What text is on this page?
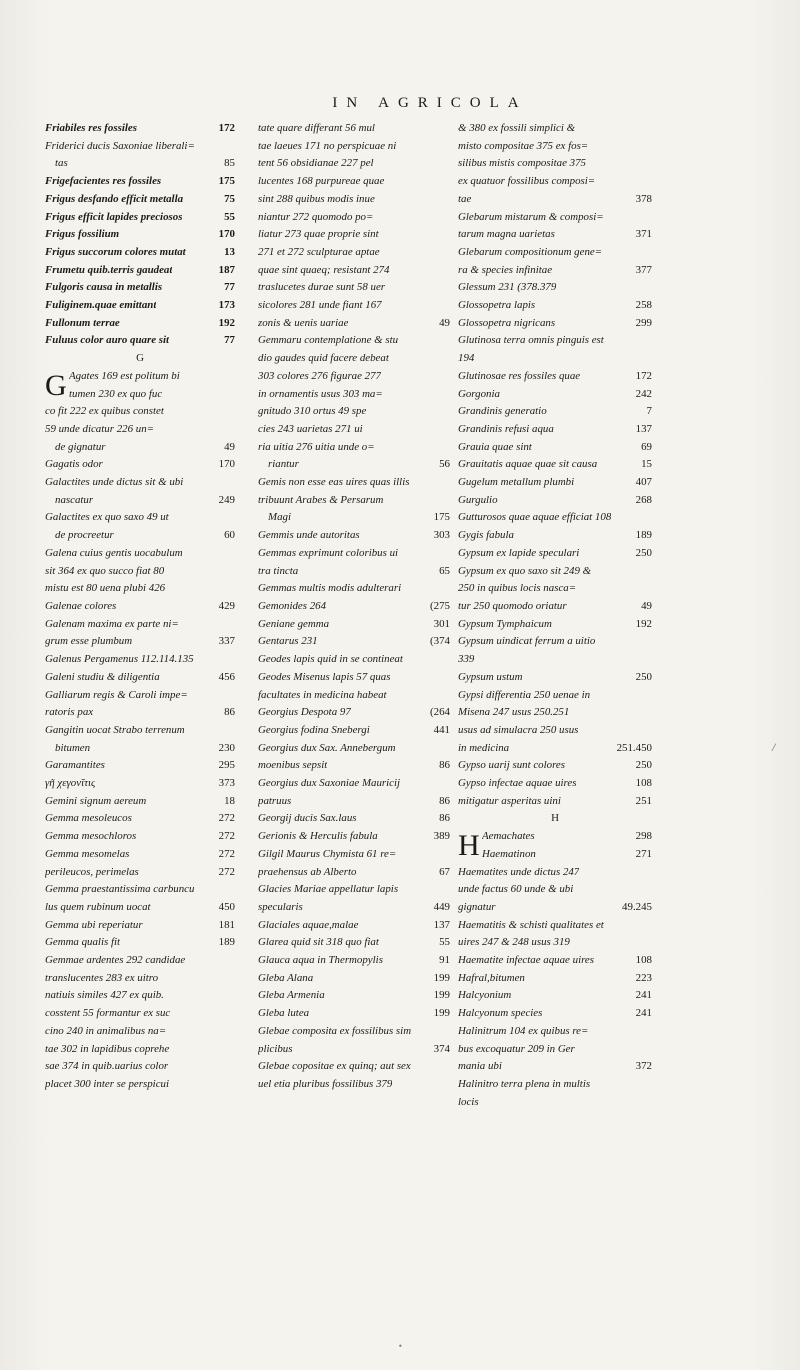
IN AGRICOLA
Friabiles res fossiles	172
Friderici ducis Saxoniae liberali=
tas	85
Frigefacientes res fossiles	175
Frigus desfando efficit metalla	75
Frigus efficit lapides preciosos	55
Frigus fossilium	170
Frigus succorum colores mutat	13
Frumetu quib.terris gaudeat	187
Fulgoris causa in metallis	77
Fuliginem.quae emittant	173
Fullonum terrae	192
Fuluus color auro quare sit	77
G
G Agates 169 est politum bi
tumen 230 ex quo fuc
co fit 222 ex quibus constet
59 unde dicatur 226 un=
de gignatur	49
Gagatis odor	170
Galactites unde dictus sit & ubi
nascatur	249
Galactites ex quo saxo 49 ut
de procreetur	60
Galena cuius gentis uocabulum
sit 364 ex quo succo fiat 80
mistu est 80 uena plubi 426
Galenae colores	429
Galenam maxima ex parte ni=
grum esse plumbum	337
Galenus Pergamenus 112.114.135
Galeni studiu & diligentia	456
Galliarum regis & Caroli impe=
ratoris pax	86
Gangitin uocat Strabo terrenum
bitumen	230
Garamantites	295
γῆ χεγονῖτις	373
Gemini signum aereum	18
Gemma mesoleucos	272
Gemma mesochloros	272
Gemma mesomelas	272
perileucos, perimelas	272
Gemma praestantissima carbuncu
lus quem rubinum uocat	450
Gemma ubi reperiatur	181
Gemma qualis fit	189
Gemmae ardentes 292 candidae
translucentes 283 ex uitro
natiuis similes 427 ex quib.
cosstent 55 formantur ex suc
cino 240 in animalibus na=
tae 302 in lapidibus coprehe
sae 374 in quib.uarius color
placet 300 inter se perspicui
tate quare differant 56 mul
tae laeues 171 no perspicuae ni
tent 56 obsidianae 227 pel
lucentes 168 purpureae quae
sint 288 quibus modis inue
niantur 272 quomodo po=
liatur 273 quae proprie sint
271 et 272 sculpturae aptae
quae sint quaeq; resistant 274
traslucetes durae sunt 58 uer
sicolores 281 unde fiant 167
zonis & uenis uariae	49
Gemmaru contemplatione & stu
dio gaudes quid facere debeat
303 colores 276 figurae 277
in ornamentis usus 303 ma=
gnitudo 310 ortus 49 spe
cies 243 uarietas 271 ui
ria uitia 276 uitia unde o=
riantur	56
Gemis non esse eas uires quas illis
tribuunt Arabes & Persarum
Magi	175
Gemmis unde autoritas	303
Gemmas exprimunt coloribus ui
tra tincta	65
Gemmas multis modis adulterari
Gemonides 264	(275
Geniane gemma	301
Gentarus 231	(374
Geodes lapis quid in se contineat
Geodes Misenus lapis 57 quas
facultates in medicina habeat
Georgius Despota 97	(264
Georgius fodina Snebergi	441
Georgius dux Sax. Annebergum
moenibus sepsit	86
Georgius dux Saxoniae Mauricij
patruus	86
Georgij ducis Sax.laus	86
Gerionis & Herculis fabula	389
Gilgil Maurus Chymista 61 re=
praehensus ab Alberto	67
Glacies Mariae appellatur lapis
specularis	449
Glaciales aquae,malae	137
Glarea quid sit 318 quo fiat	55
Glauca aqua in Thermopylis	91
Gleba Alana	199
Gleba Armenia	199
Gleba lutea	199
Glebae composita ex fossilibus sim
plicibus	374
Glebae copositae ex quinq; aut sex
uel etia pluribus fossilibus 379
& 380 ex fossili simplici &
misto compositae 375 ex fos=
silibus mistis compositae 375
ex quatuor fossilibus composi=
tae	378
Glebarum mistarum & composi=
tarum magna uarietas	371
Glebarum compositionum gene=
ra & species infinitae	377
Glessum 231 (378.379
Glossopetra lapis	258
Glossopetra nigricans	299
Glutinosa terra omnis pinguis est
194
Glutinosae res fossiles quae	172
Gorgonia	242
Grandinis generatio	7
Grandinis refusi aqua	137
Grauia quae sint	69
Grauitatis aquae quae sit causa	15
Gugelum metallum plumbi	407
Gurgulio	268
Gutturosos quae aquae efficiat 108
Gygis fabula	189
Gypsum ex lapide speculari	250
Gypsum ex quo saxo sit 249 &
250 in quibus locis nasca=
tur 250 quomodo oriatur	49
Gypsum Tymphaicum	192
Gypsum uindicat ferrum a uitio
339
Gypsum ustum	250
Gypsi differentia 250 uenae in
Misena 247 usus 250.251
usus ad simulacra 250 usus
in medicina	251.450
Gypso uarij sunt colores	250
Gypso infectae aquae uires	108
mitigatur asperitas uini	251
H
H Aemachates	298
Haematinon	271
Haematites unde dictus 247
unde factus 60 unde & ubi
gignatur	49.245
Haematitis & schisti qualitates et
uires 247 & 248 usus 319
Haematite infectae aquae uires	108
Hafral,bitumen	223
Halcyonium	241
Halcyonum species	241
Halinitrum 104 ex quibus re=
bus excoquatur 209 in Ger
mania ubi	372
Halinitro terra plena in multis
locis
/
•
